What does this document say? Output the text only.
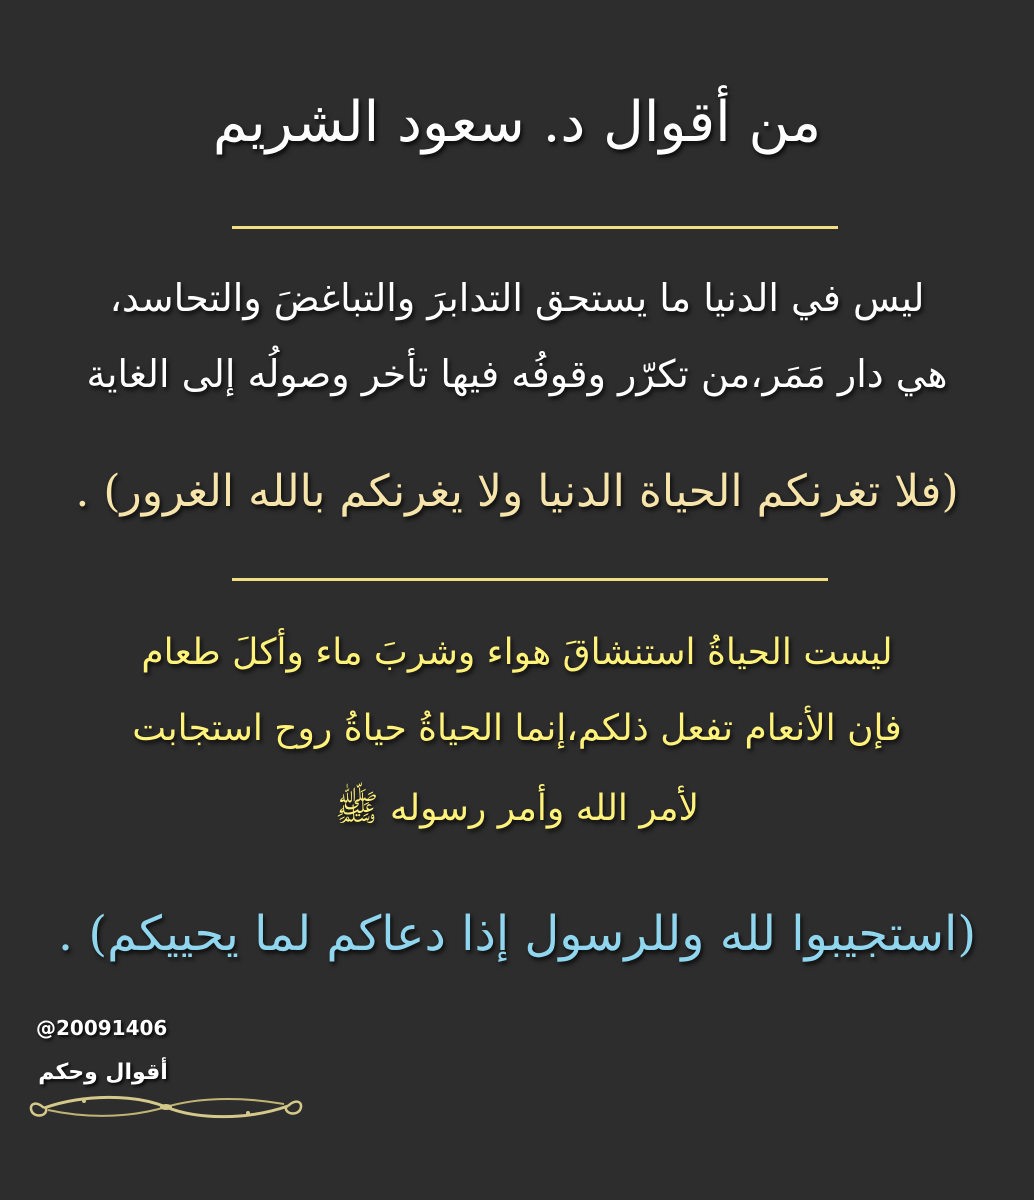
من أقوال د. سعود الشريم
ليس في الدنيا ما يستحق التدابرَ والتباغضَ والتحاسد،
هي دار مَمَر،من تكرّر وقوفُه فيها تأخر وصولُه إلى الغاية
(فلا تغرنكم الحياة الدنيا ولا يغرنكم بالله الغرور) .
ليست الحياةُ استنشاقَ هواء وشربَ ماء وأكلَ طعام
فإن الأنعام تفعل ذلكم،إنما الحياةُ حياةُ روح استجابت
لأمر الله وأمر رسوله ﷺ
(استجيبوا لله وللرسول إذا دعاكم لما يحييكم) .
@20091406
أقوال وحكم
